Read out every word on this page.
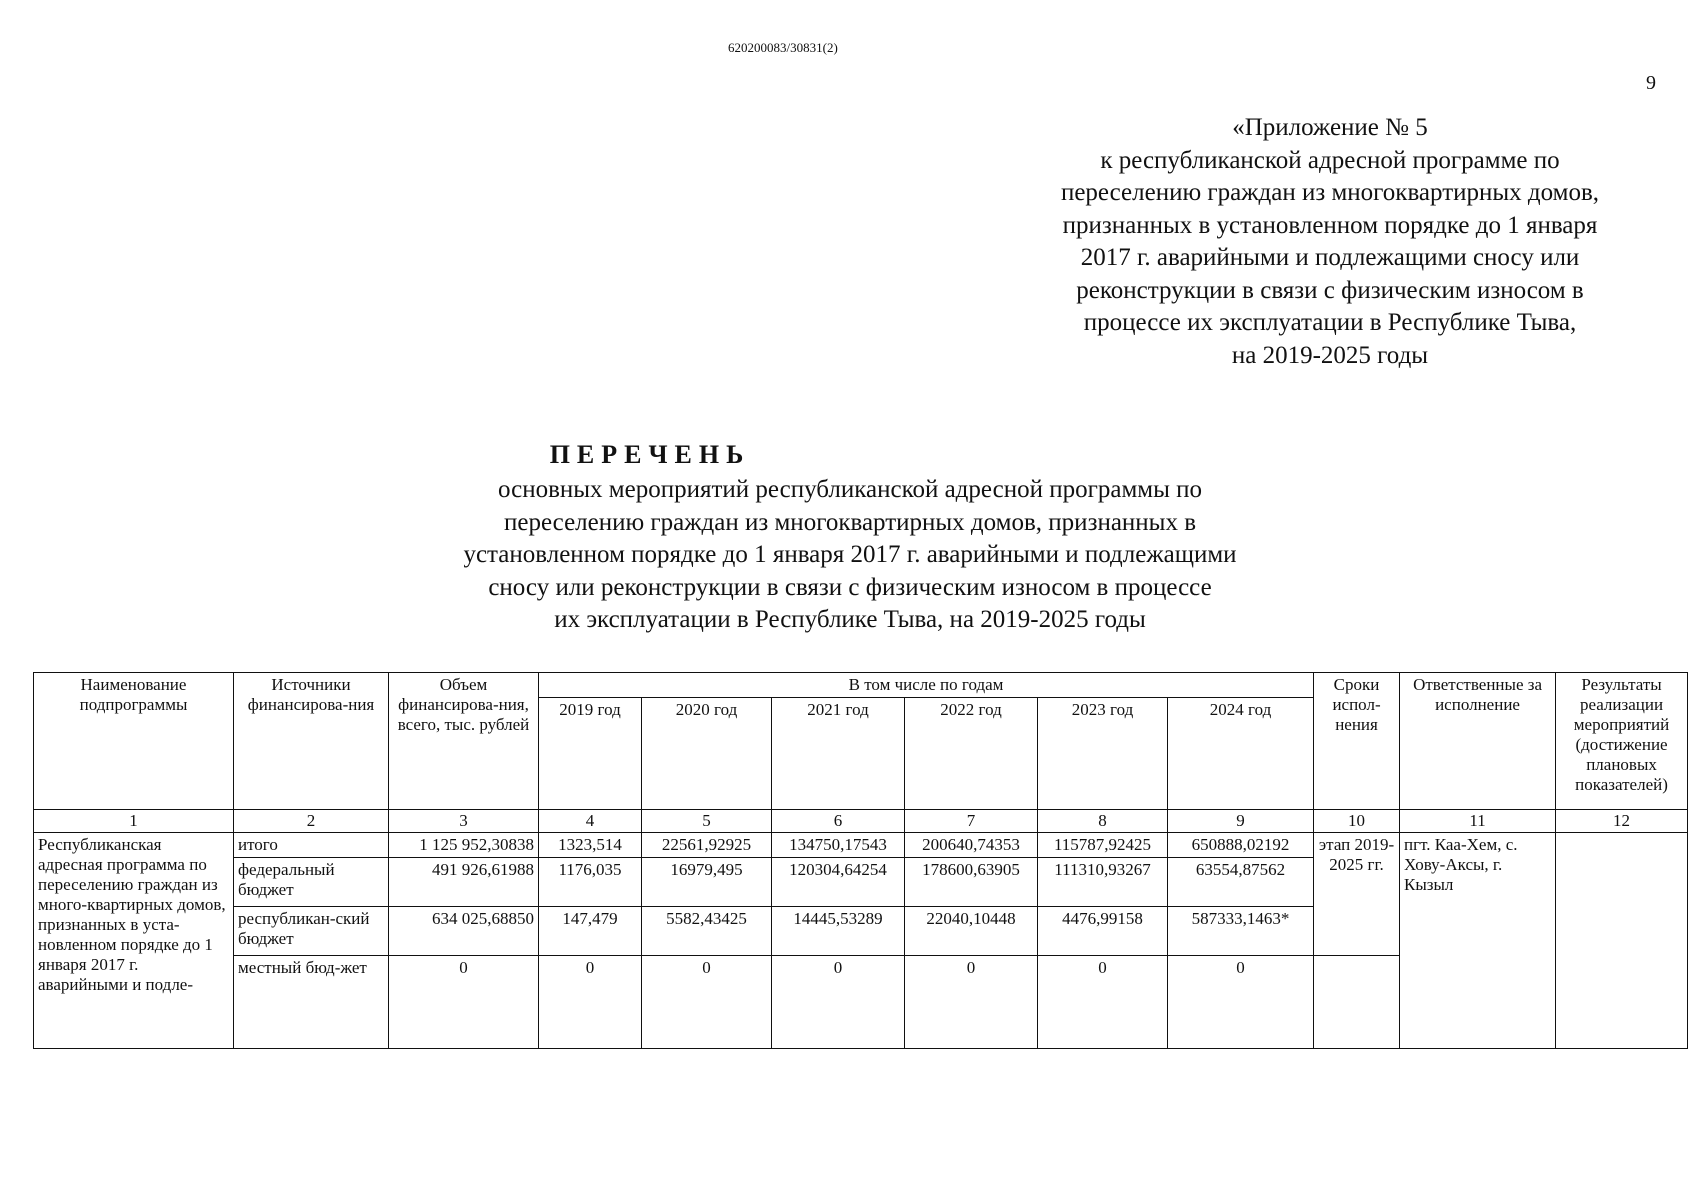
620200083/30831(2)
9
«Приложение № 5
к республиканской адресной программе по
переселению граждан из многоквартирных домов,
признанных в установленном порядке до 1 января
2017 г. аварийными и подлежащими сносу или
реконструкции в связи с физическим износом в
процессе их эксплуатации в Республике Тыва,
на 2019-2025 годы
ПЕРЕЧЕНЬ
основных мероприятий республиканской адресной программы по
переселению граждан из многоквартирных домов, признанных в
установленном порядке до 1 января 2017 г. аварийными и подлежащими
сносу или реконструкции в связи с физическим износом в процессе
их эксплуатации в Республике Тыва, на 2019-2025 годы
Наименование подпрограммы	Источники финансирова-ния	Объем финансирова-ния, всего, тыс. рублей	В том числе по годам						Сроки испол-нения	Ответственные за исполнение	Результаты реализации мероприятий (достижение плановых показателей)
			2019 год	2020 год	2021 год	2022 год	2023 год	2024 год			
1	2	3	4	5	6	7	8	9	10	11	12
Республиканская адресная программа по переселению граждан из много-квартирных домов, признанных в уста-новленном порядке до 1 января 2017 г. аварийными и подле-	итого	1 125 952,30838	1323,514	22561,92925	134750,17543	200640,74353	115787,92425	650888,02192	этап 2019-2025 гг.	пгт. Каа-Хем, с. Хову-Аксы, г. Кызыл	
	федеральный бюджет	491 926,61988	1176,035	16979,495	120304,64254	178600,63905	111310,93267	63554,87562			
	республикан-ский бюджет	634 025,68850	147,479	5582,43425	14445,53289	22040,10448	4476,99158	587333,1463*			
	местный бюд-жет	0	0	0	0	0	0	0			
